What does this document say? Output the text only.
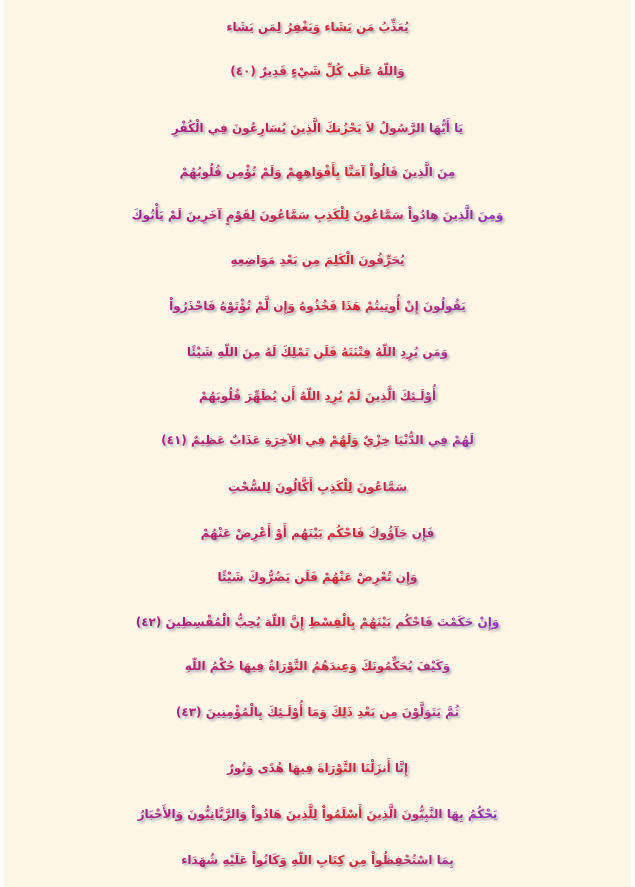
يُعَذِّبُ مَن يَشَاء وَيَغْفِرُ لِمَن يَشَاء
وَاللّهُ عَلَى كُلِّ شَيْءٍ قَدِيرٌ (٤٠)
يَا أَيُّهَا الرَّسُولُ لاَ يَحْزُنكَ الَّذِينَ يُسَارِعُونَ فِي الْكُفْرِ
مِنَ الَّذِينَ قَالُواْ آمَنَّا بِأَفْوَاهِهِمْ وَلَمْ تُؤْمِن قُلُوبُهُمْ
وَمِنَ الَّذِينَ هِادُواْ سَمَّاعُونَ لِلْكَذِبِ سَمَّاعُونَ لِقَوْمٍ آخَرِينَ لَمْ يَأْتُوكَ
يُحَرِّفُونَ الْكَلِمَ مِن بَعْدِ مَوَاضِعِهِ
يَقُولُونَ إِنْ أُوتِيتُمْ هَذَا فَخُذُوهُ وَإِن لَّمْ تُؤْتَوْهُ فَاحْذَرُواْ
وَمَن يُرِدِ اللّهُ فِتْنَتَهُ فَلَن تَمْلِكَ لَهُ مِنَ اللّهِ شَيْئًا
أُوْلَـئِكَ الَّذِينَ لَمْ يُرِدِ اللّهُ أَن يُطَهِّرَ قُلُوبَهُمْ
لَهُمْ فِي الدُّنْيَا خِزْيٌ وَلَهُمْ فِي الآخِرَةِ عَذَابٌ عَظِيمٌ (٤١)
سَمَّاعُونَ لِلْكَذِبِ أَكَّالُونَ لِلسُّحْتِ
فَإِن جَآؤُوكَ فَاحْكُم بَيْنَهُم أَوْ أَعْرِضْ عَنْهُمْ
وَإِن تُعْرِضْ عَنْهُمْ فَلَن يَضُرُّوكَ شَيْئًا
وَإِنْ حَكَمْتَ فَاحْكُم بَيْنَهُمْ بِالْقِسْطِ إِنَّ اللّهَ يُحِبُّ الْمُقْسِطِينَ (٤٢)
وَكَيْفَ يُحَكِّمُونَكَ وَعِندَهُمُ التَّوْرَاةُ فِيهَا حُكْمُ اللّهِ
ثُمَّ يَتَوَلَّوْنَ مِن بَعْدِ ذَلِكَ وَمَا أُوْلَـئِكَ بِالْمُؤْمِنِينَ (٤٣)
إِنَّا أَنزَلْنَا التَّوْرَاةَ فِيهَا هُدًى وَنُورٌ
يَحْكُمُ بِهَا النَّبِيُّونَ الَّذِينَ أَسْلَمُواْ لِلَّذِينَ هَادُواْ وَالرَّبَّانِيُّونَ وَالأَحْبَارُ
بِمَا اسْتُحْفِظُواْ مِن كِتَابِ اللّهِ وَكَانُواْ عَلَيْهِ شُهَدَاء
